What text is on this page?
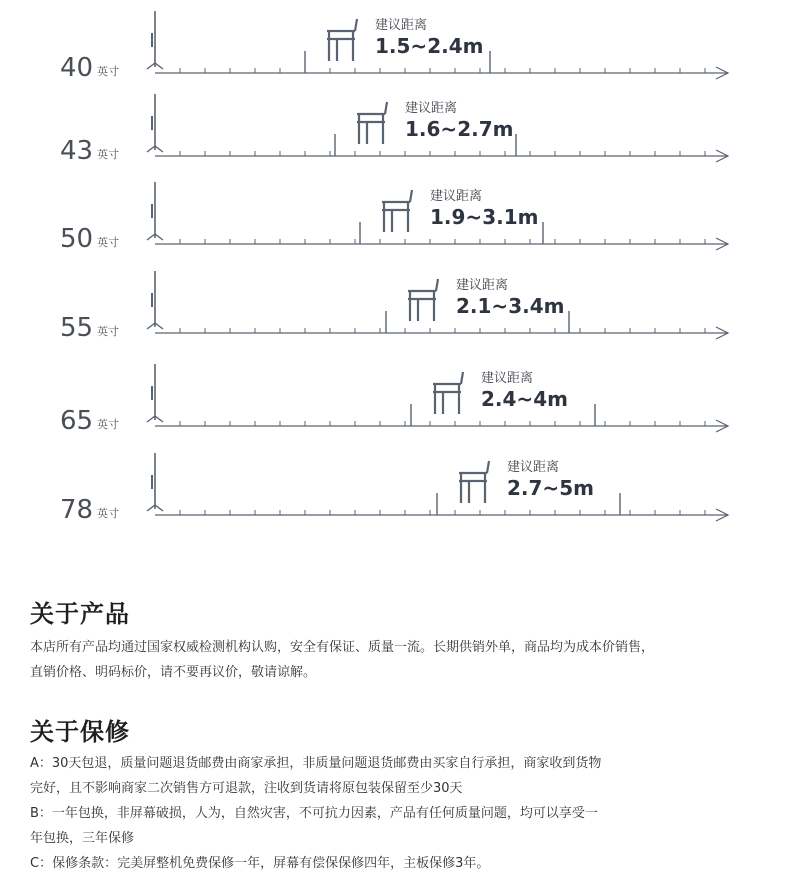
40 英寸
建议距离
1.5~2.4m
43 英寸
建议距离
1.6~2.7m
50 英寸
建议距离
1.9~3.1m
55 英寸
建议距离
2.1~3.4m
65 英寸
建议距离
2.4~4m
78 英寸
建议距离
2.7~5m
关于产品

本店所有产品均通过国家权威检测机构认购，安全有保证、质量一流。长期供销外单，商品均为成本价销售，

直销价格、明码标价，请不要再议价，敬请谅解。

关于保修

A：30天包退，质量问题退货邮费由商家承担，非质量问题退货邮费由买家自行承担，商家收到货物

完好，且不影响商家二次销售方可退款，注收到货请将原包装保留至少30天

B：一年包换，非屏幕破损，人为，自然灾害，不可抗力因素，产品有任何质量问题，均可以享受一

年包换，三年保修

C：保修条款：完美屏整机免费保修一年，屏幕有偿保保修四年，主板保修3年。
